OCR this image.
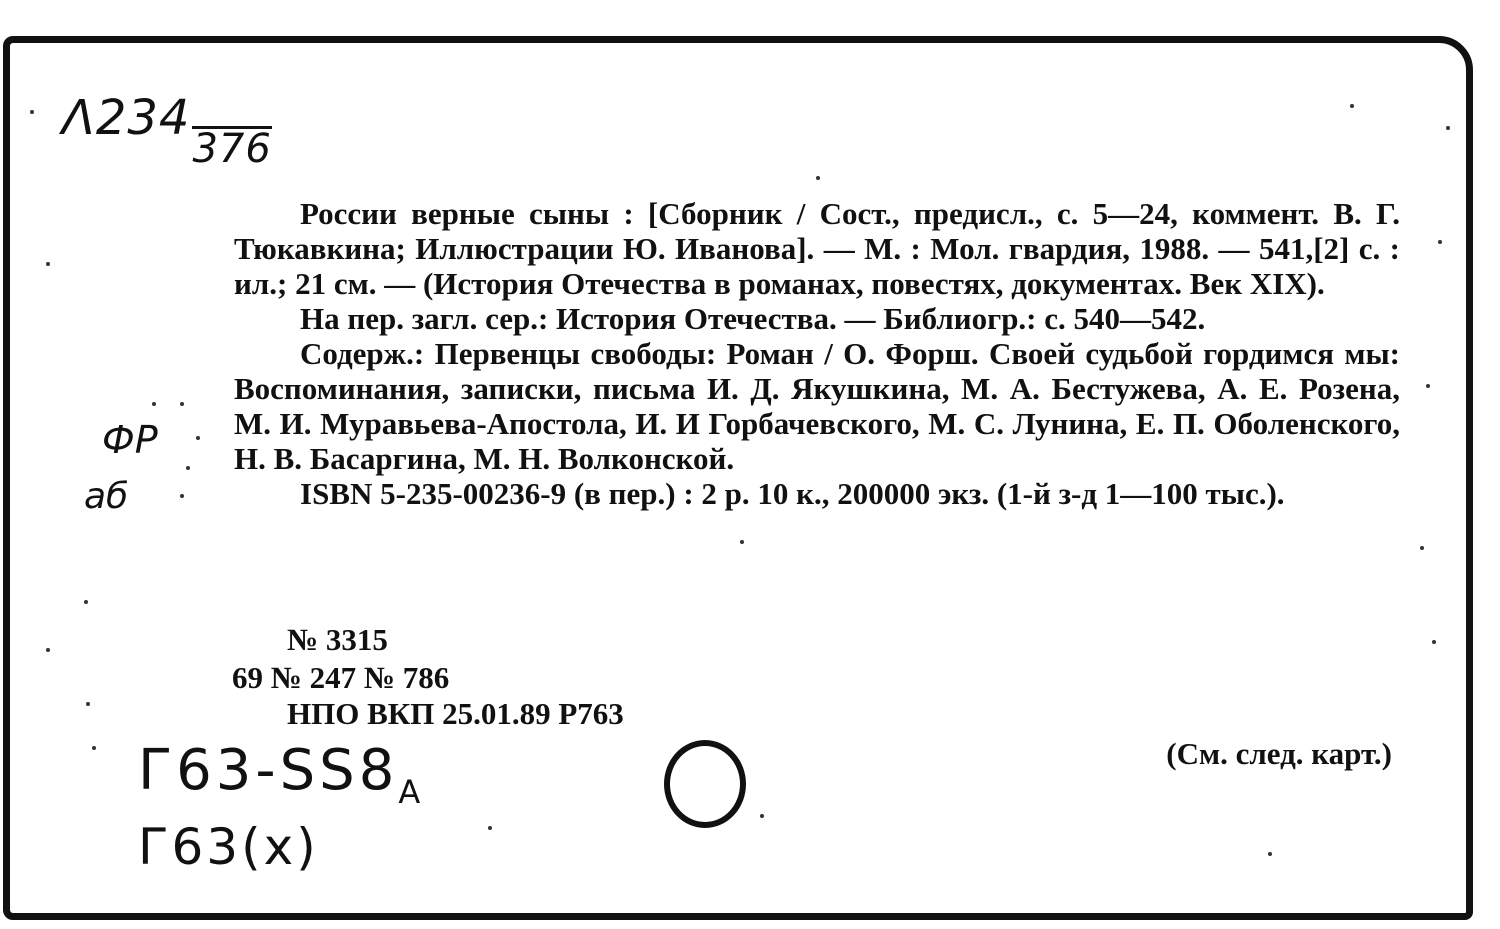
Λ234376
ФР
аб

России верные сыны : [Сборник / Сост., предисл., с. 5—24, коммент. В. Г. Тюкавкина; Иллюстрации Ю. Иванова]. — М. : Мол. гвардия, 1988. — 541,[2] с. : ил.; 21 см. — (История Отечества в романах, повестях, документах. Век XIX).

На пер. загл. сер.: История Отечества. — Библиогр.: с. 540—542.

Содерж.: Первенцы свободы: Роман / О. Форш. Своей судьбой гордимся мы: Воспоминания, записки, письма И. Д. Якушкина, М. А. Бестужева, А. Е. Розена, М. И. Муравьева-Апостола, И. И Горбачевского, М. С. Лунина, Е. П. Оболенского, Н. В. Басаргина, М. Н. Волконской.

ISBN 5-235-00236-9 (в пер.) : 2 р. 10 к., 200000 экз. (1-й з-д 1—100 тыс.).

№ 3315
69 № 247 № 786
НПО ВКП 25.01.89 Р763
(См. след. карт.)
$Г63-SS8_A$
Г63(x)
